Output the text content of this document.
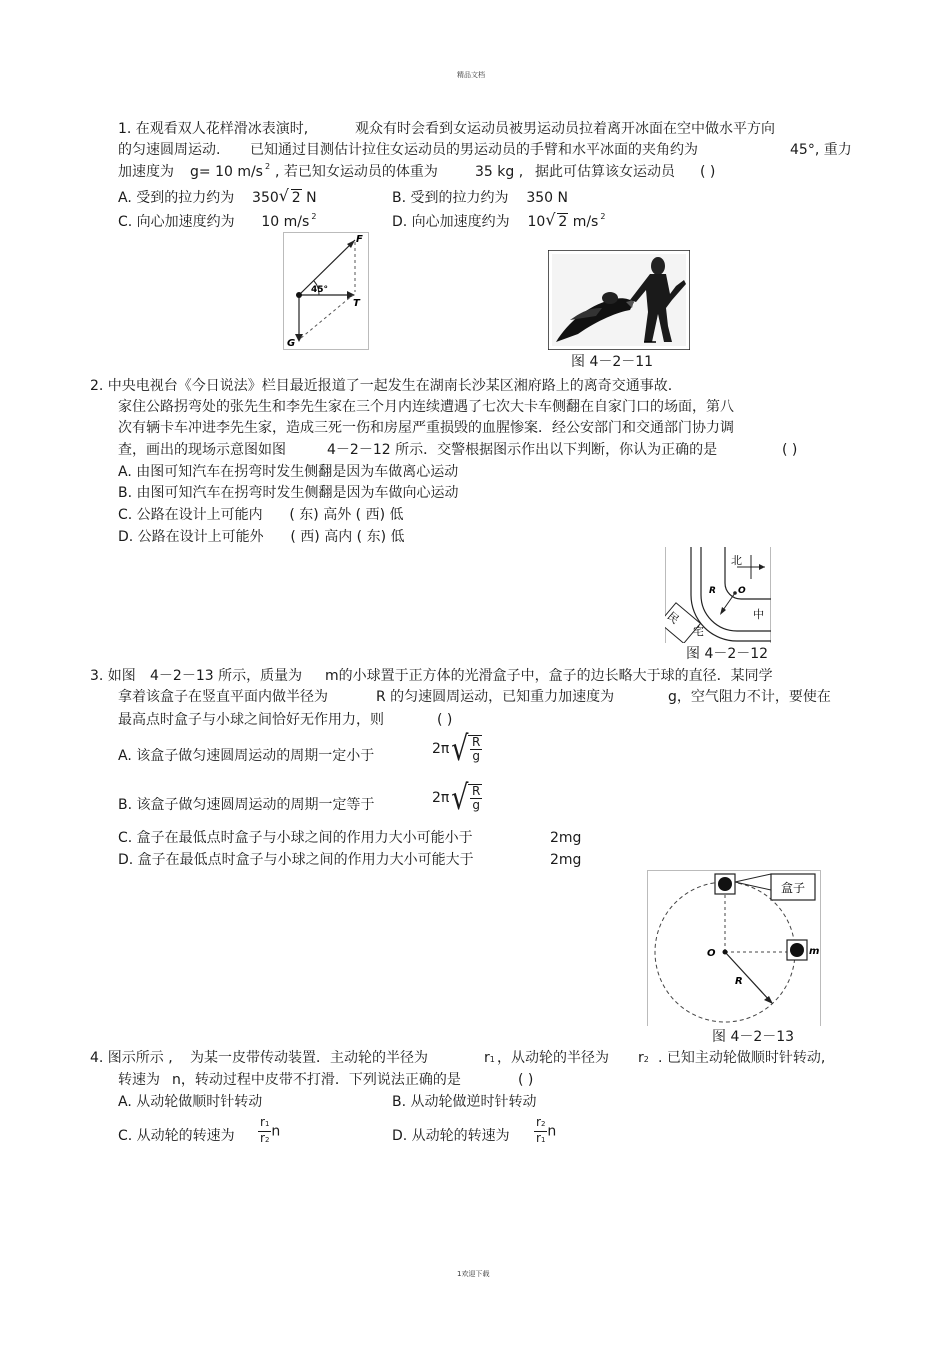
精品文档
1. 在观看双人花样滑冰表演时,	观众有时会看到女运动员被男运动员拉着离开冰面在空中做水平方向
的匀速圆周运动. 已知通过目测估计拉住女运动员的男运动员的手臂和水平冰面的夹角约为	45°, 重力
加速度为 g= 10 m/s $^2$ , 若已知女运动员的体重为	35 kg , 据此可估算该女运动员 ( )
A. 受到的拉力约为 350 √ 2 N	B. 受到的拉力约为 350 N
C. 向心加速度约为 10 m/s $^2$	D. 向心加速度约为 10 √ 2 m/s $^2$
F
45°
T
G
图 4－2－11
2. 中央电视台《今日说法》栏目最近报道了一起发生在湖南长沙某区湘府路上的离奇交通事故.
家住公路拐弯处的张先生和李先生家在三个月内连续遭遇了七次大卡车侧翻在自家门口的场面，第八
次有辆卡车冲进李先生家，造成三死一伤和房屋严重损毁的血腥惨案．经公安部门和交通部门协力调
查，画出的现场示意图如图	4－2－12 所示．交警根据图示作出以下判断，你认为正确的是	( )
A. 由图可知汽车在拐弯时发生侧翻是因为车做离心运动
B. 由图可知汽车在拐弯时发生侧翻是因为车做向心运动
C. 公路在设计上可能内 ( 东) 高外 ( 西) 低
D. 公路在设计上可能外 ( 西) 高内 ( 东) 低
北
R O
中
民
宅
图 4－2－12
3. 如图 4－2－13 所示，质量为 m的小球置于正方体的光滑盒子中，盒子的边长略大于球的直径．某同学
拿着该盒子在竖直平面内做半径为	R 的匀速圆周运动，已知重力加速度为	g，空气阻力不计，要使在
最高点时盒子与小球之间恰好无作用力，则	( )
A. 该盒子做匀速圆周运动的周期一定小于	2π √ $\frac{R}{g}$
B. 该盒子做匀速圆周运动的周期一定等于	2π √ $\frac{R}{g}$
C. 盒子在最低点时盒子与小球之间的作用力大小可能小于	2mg
D. 盒子在最低点时盒子与小球之间的作用力大小可能大于	2mg
盒子
O	m
R
图 4－2－13
4. 图示所示 , 为某一皮带传动装置．主动轮的半径为	r1 ，从动轮的半径为 r2 . 已知主动轮做顺时针转动,
转速为 n，转动过程中皮带不打滑．下列说法正确的是	( )
A. 从动轮做顺时针转动	B. 从动轮做逆时针转动
C. 从动轮的转速为 $\frac{r1}{r2}$ n	D. 从动轮的转速为 $\frac{r2}{r1}$ n
1欢迎下载
